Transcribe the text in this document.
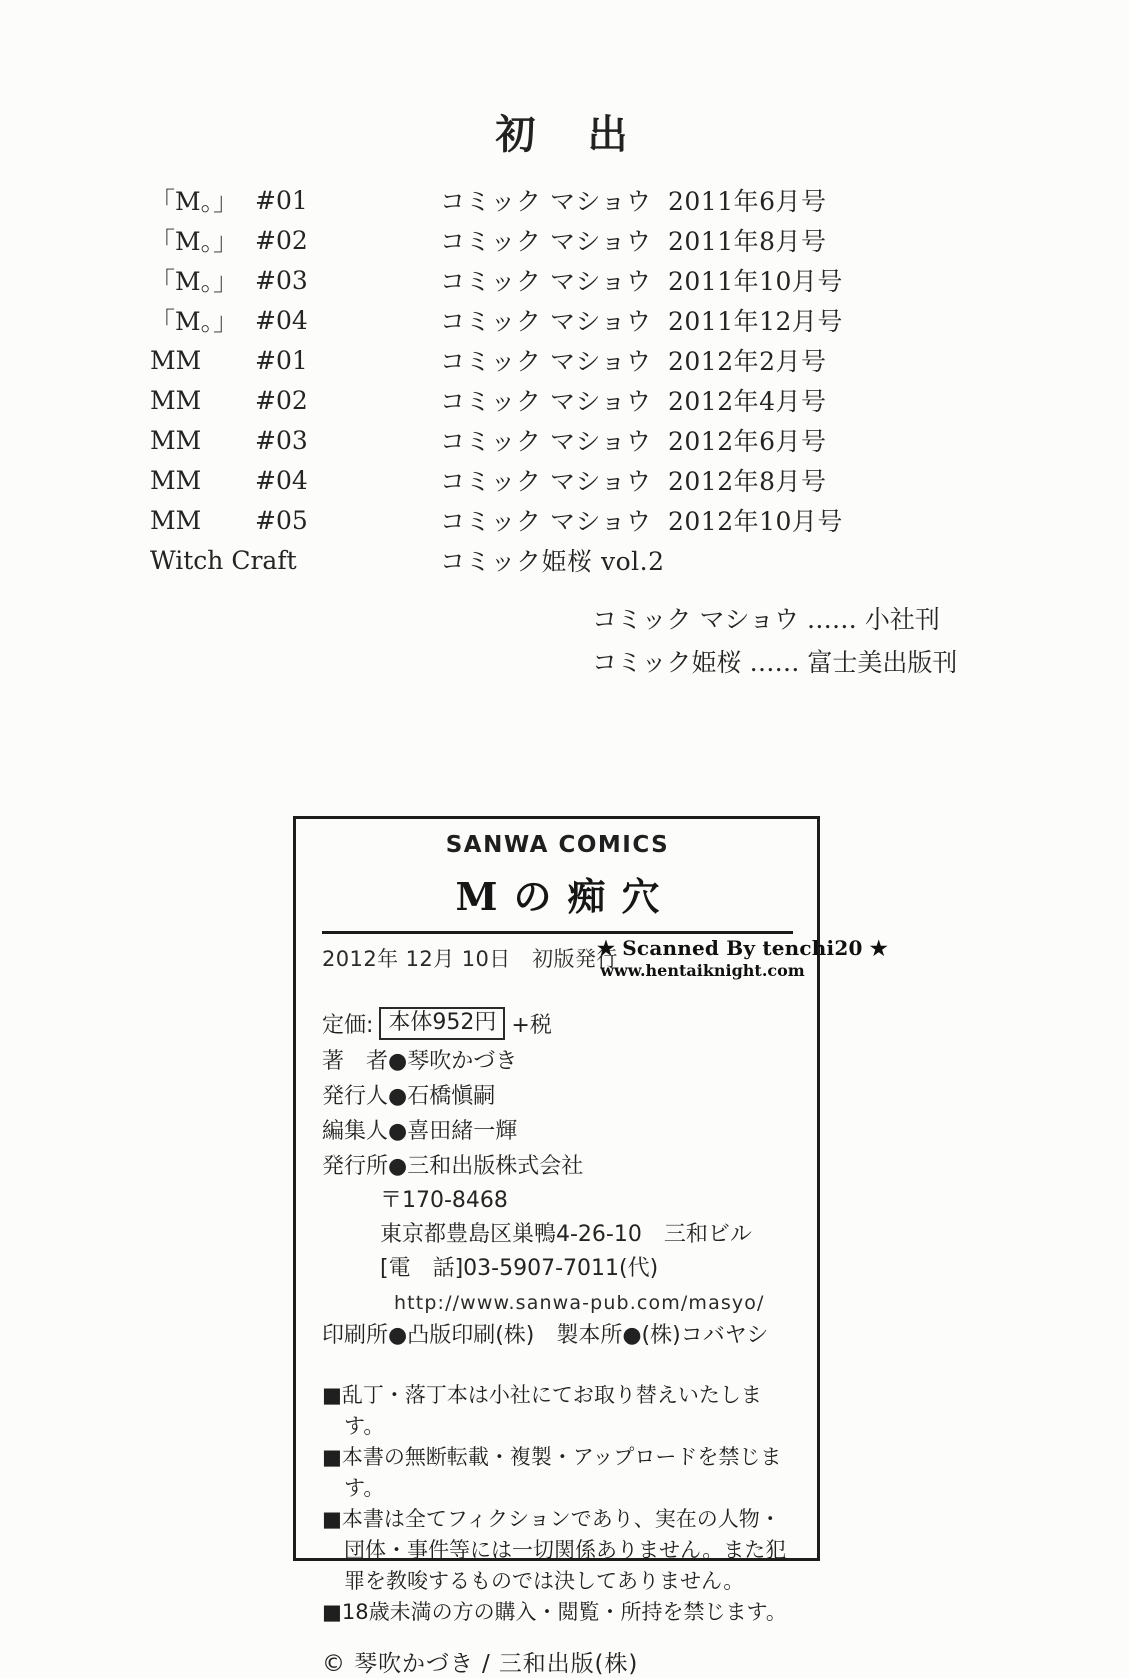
初　出
「M。」 #01	コミック マショウ 2011年6月号
「M。」 #02	コミック マショウ 2011年8月号
「M。」 #03	コミック マショウ 2011年10月号
「M。」 #04	コミック マショウ 2011年12月号
MM	#01	コミック マショウ 2012年2月号
MM	#02	コミック マショウ 2012年4月号
MM	#03	コミック マショウ 2012年6月号
MM	#04	コミック マショウ 2012年8月号
MM	#05	コミック マショウ 2012年10月号
Witch Craft	コミック姫桜 vol.2
コミック マショウ …… 小社刊
コミック姫桜 …… 富士美出版刊
SANWA COMICS
Mの痴穴
2012年 12月 10日　初版発行
定価: 本体952円 +税
著　者●琴吹かづき
発行人●石橋愼嗣
編集人●喜田緒一輝
発行所●三和出版株式会社
〒170-8468
東京都豊島区巣鴨4-26-10　三和ビル
[電　話]03-5907-7011(代)
http://www.sanwa-pub.com/masyo/
印刷所●凸版印刷(株)　製本所●(株)コバヤシ

■乱丁・落丁本は小社にてお取り替えいたします。

■本書の無断転載・複製・アップロードを禁じます。

■本書は全てフィクションであり、実在の人物・団体・事件等には一切関係ありません。また犯罪を教唆するものでは決してありません。

■18歳未満の方の購入・閲覧・所持を禁じます。

© 琴吹かづき / 三和出版(株)
★ Scanned By tenchi20 ★
www.hentaiknight.com
